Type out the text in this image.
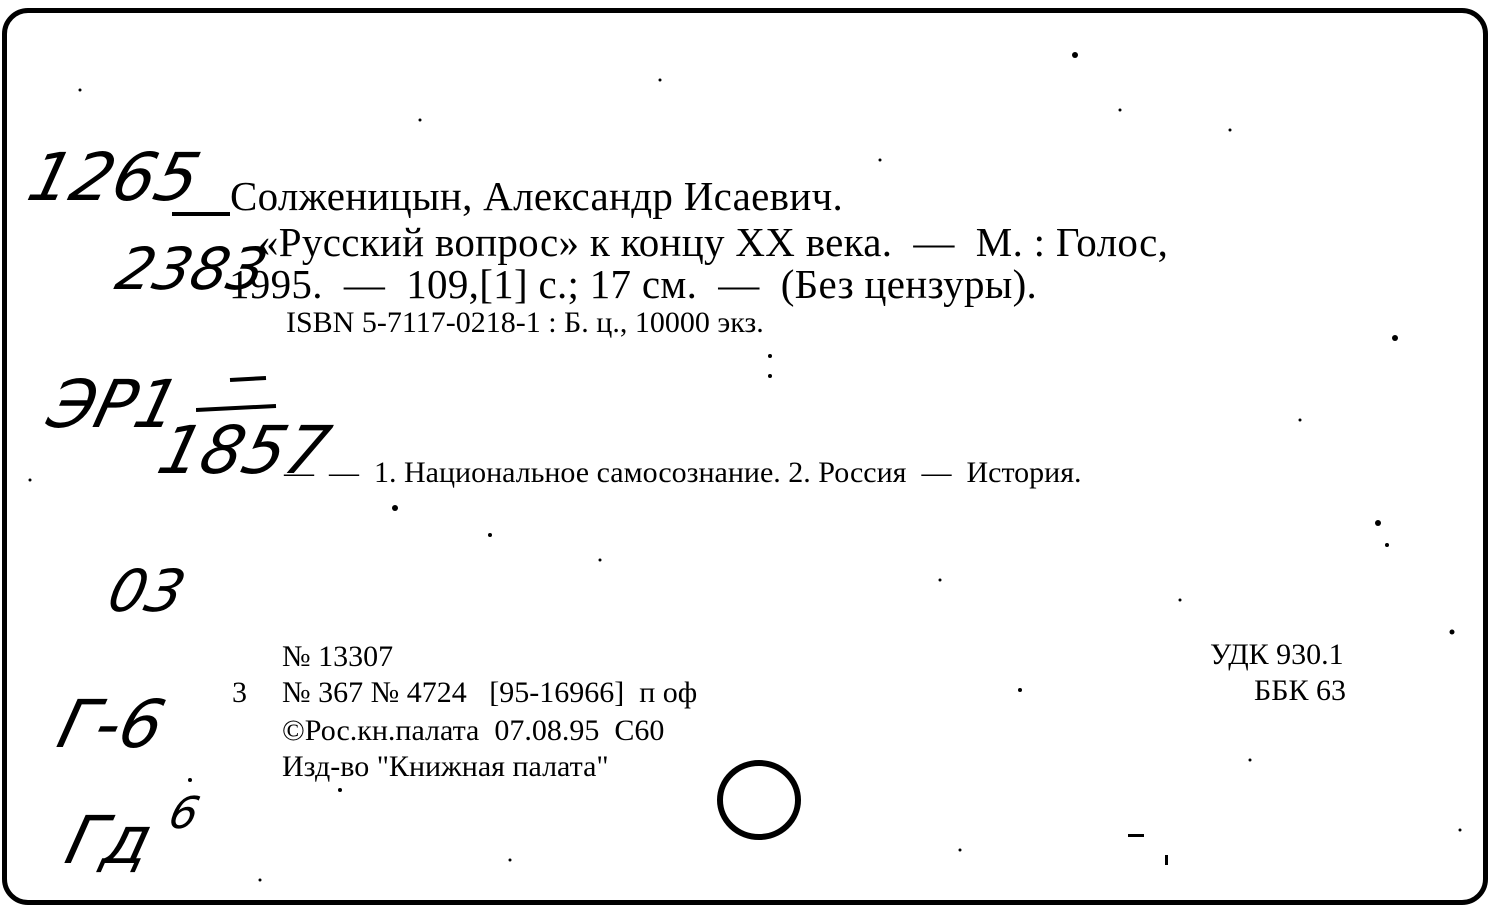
Солженицын, Александр Исаевич.
«Русский вопрос» к концу XX века.  —  М. : Голос,
1995.  —  109,[1] с.; 17 см.  —  (Без цензуры).
ISBN 5-7117-0218-1 : Б. ц., 10000 экз.
—  —  1. Национальное самосознание. 2. Россия  —  История.
№ 13307
3 № 367 № 4724   [95-16966]  п оф
©Рос.кн.палата  07.08.95  С60
Изд-во "Книжная палата"
УДК 930.1
ББК 63
1265
2383
ЭР1
1857
03
Г-6
Гд 6
